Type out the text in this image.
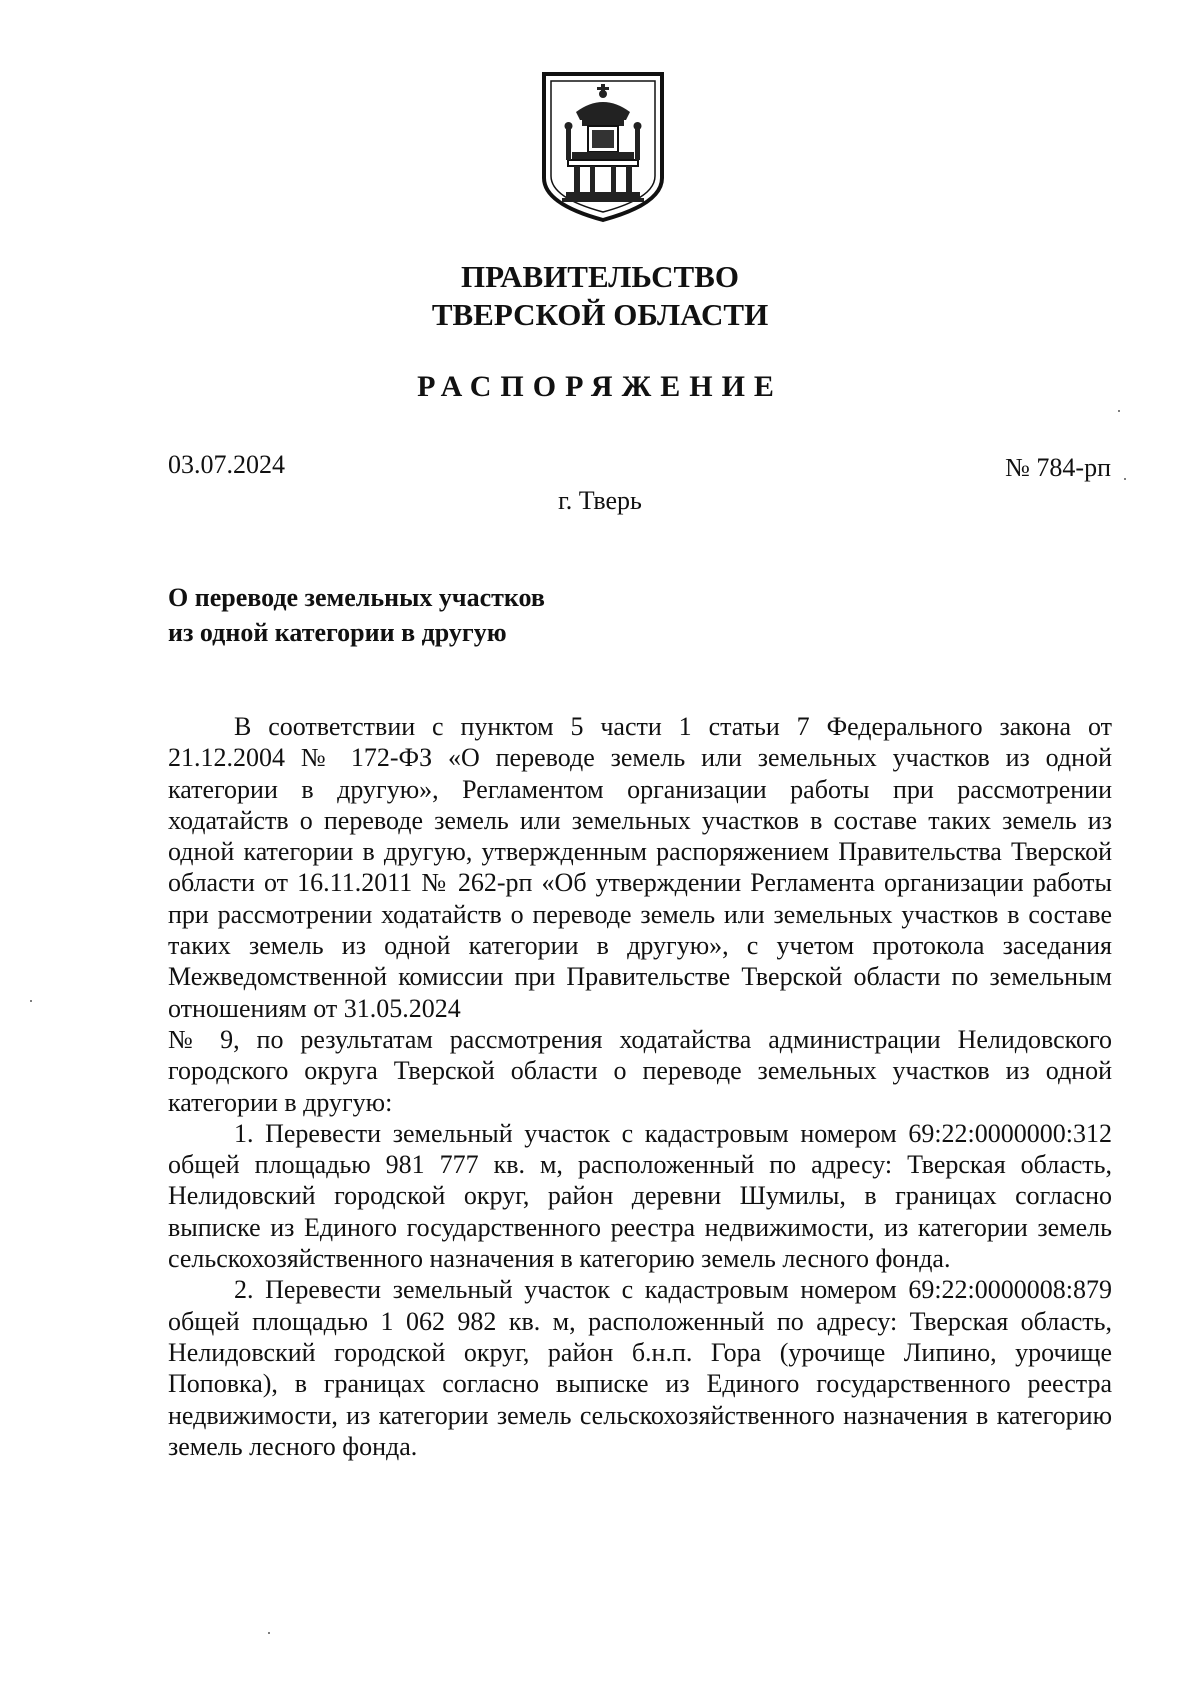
ПРАВИТЕЛЬСТВО
ТВЕРСКОЙ ОБЛАСТИ
РАСПОРЯЖЕНИЕ
03.07.2024	№ 784-рп
г. Тверь
О переводе земельных участков
из одной категории в другую

В соответствии с пунктом 5 части 1 статьи 7 Федерального закона от 21.12.2004 № 172-ФЗ «О переводе земель или земельных участков из одной категории в другую», Регламентом организации работы при рассмотрении ходатайств о переводе земель или земельных участков в составе таких земель из одной категории в другую, утвержденным распоряжением Правительства Тверской области от 16.11.2011 № 262-рп «Об утверждении Регламента организации работы при рассмотрении ходатайств о переводе земель или земельных участков в составе таких земель из одной категории в другую», с учетом протокола заседания Межведомственной комиссии при Правительстве Тверской области по земельным отношениям от 31.05.2024

№ 9, по результатам рассмотрения ходатайства администрации Нелидовского городского округа Тверской области о переводе земельных участков из одной категории в другую:

1. Перевести земельный участок с кадастровым номером 69:22:0000000:312 общей площадью 981 777 кв. м, расположенный по адресу: Тверская область, Нелидовский городской округ, район деревни Шумилы, в границах согласно выписке из Единого государственного реестра недвижимости, из категории земель сельскохозяйственного назначения в категорию земель лесного фонда.

2. Перевести земельный участок с кадастровым номером 69:22:0000008:879 общей площадью 1 062 982 кв. м, расположенный по адресу: Тверская область, Нелидовский городской округ, район б.н.п. Гора (урочище Липино, урочище Поповка), в границах согласно выписке из Единого государственного реестра недвижимости, из категории земель сельскохозяйственного назначения в категорию земель лесного фонда.
